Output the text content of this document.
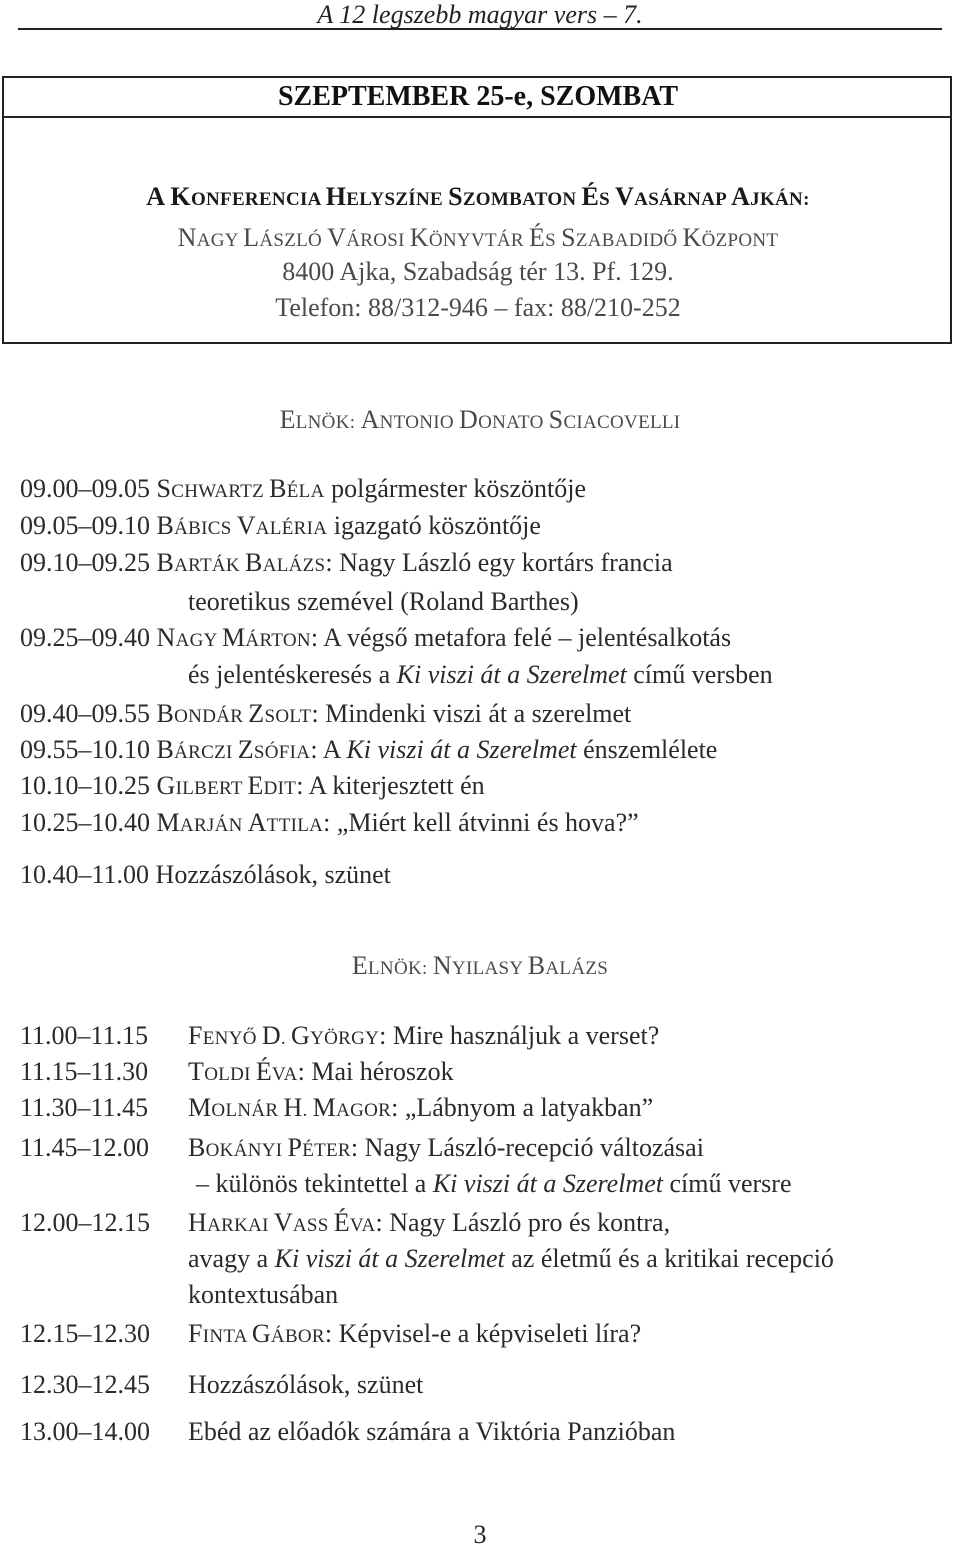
A 12 legszebb magyar vers – 7.
SZEPTEMBER 25-e, SZOMBAT
A KONFERENCIA HELYSZÍNE SZOMBATON ÉS VASÁRNAP AJKÁN:
NAGY LÁSZLÓ VÁROSI KÖNYVTÁR ÉS SZABADIDŐ KÖZPONT
8400 Ajka, Szabadság tér 13. Pf. 129.
Telefon: 88/312-946 – fax: 88/210-252
ELNÖK: ANTONIO DONATO SCIACOVELLI
09.00–09.05 SCHWARTZ BÉLA polgármester köszöntője
09.05–09.10 BÁBICS VALÉRIA igazgató köszöntője
09.10–09.25 BARTÁK BALÁZS: Nagy László egy kortárs francia
teoretikus szemével (Roland Barthes)
09.25–09.40 NAGY MÁRTON: A végső metafora felé – jelentésalkotás
és jelentéskeresés a Ki viszi át a Szerelmet című versben
09.40–09.55 BONDÁR ZSOLT: Mindenki viszi át a szerelmet
09.55–10.10 BÁRCZI ZSÓFIA: A Ki viszi át a Szerelmet énszemlélete
10.10–10.25 GILBERT EDIT: A kiterjesztett én
10.25–10.40 MARJÁN ATTILA: „Miért kell átvinni és hova?”
10.40–11.00 Hozzászólások, szünet
ELNÖK: NYILASY BALÁZS
11.00–11.15 FENYŐ D. GYÖRGY: Mire használjuk a verset?
11.15–11.30 TOLDI ÉVA: Mai héroszok
11.30–11.45 MOLNÁR H. MAGOR: „Lábnyom a latyakban”
11.45–12.00 BOKÁNYI PÉTER: Nagy László-recepció változásai
– különös tekintettel a Ki viszi át a Szerelmet című versre
12.00–12.15 HARKAI VASS ÉVA: Nagy László pro és kontra,
avagy a Ki viszi át a Szerelmet az életmű és a kritikai recepció
kontextusában
12.15–12.30 FINTA GÁBOR: Képvisel-e a képviseleti líra?
12.30–12.45 Hozzászólások, szünet
13.00–14.00 Ebéd az előadók számára a Viktória Panzióban
3
